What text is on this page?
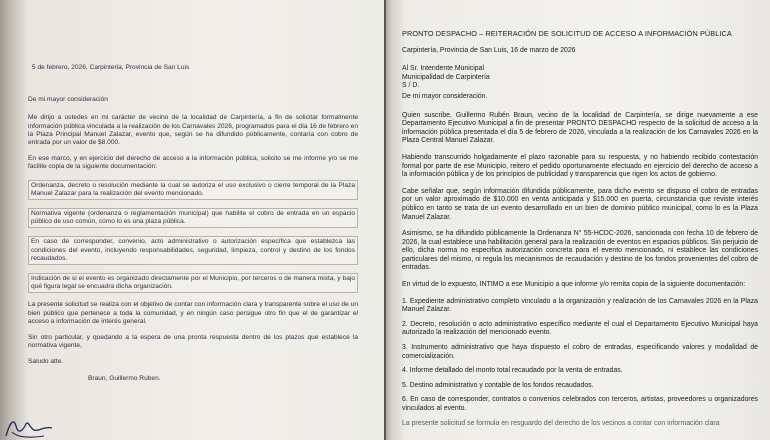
5 de febrero, 2026, Carpinteria, Provincia de San Luis
De mi mayor consideración

Me dirijo a ustedes en mi carácter de vecino de la localidad de Carpintería, a fin de solicitar formalmente información pública vinculada a la realización de los Carnavales 2026, programados para el día 16 de febrero en la Plaza Principal Manuel Zalazar, evento que, según se ha difundido públicamente, contaría con cobro de entrada por un valor de $8.000.

En ese marco, y en ejercicio del derecho de acceso a la información pública, solicito se me informe y/o se me facilite copia de la siguiente documentación:

Ordenanza, decreto o resolución mediante la cual se autoriza el uso exclusivo o cierre temporal de la Plaza Manuel Zalazar para la realización del evento mencionado.

Normativa vigente (ordenanza o reglamentación municipal) que habilite el cobro de entrada en un espacio público de uso común, como lo es una plaza pública.

En caso de corresponder, convenio, acto administrativo o autorización específica que establezca las condiciones del evento, incluyendo responsabilidades, seguridad, limpieza, control y destino de los fondos recaudados.

Indicación de si el evento es organizado directamente por el Municipio, por terceros o de manera mixta, y bajo qué figura legal se encuadra dicha organización.

La presente solicitud se realiza con el objetivo de contar con información clara y transparente sobre el uso de un bien público que pertenece a toda la comunidad, y en ningún caso persigue otro fin que el de garantizar el acceso a información de interés general.

Sin otro particular, y quedando a la espera de una pronta respuesta dentro de los plazos que establece la normativa vigente,

Saludo atte.
Braun, Guillermo Ruben.
PRONTO DESPACHO – REITERACIÓN DE SOLICITUD DE ACCESO A INFORMACIÓN PÚBLICA
Carpintería, Provincia de San Luis, 16 de marzo de 2026
Al Sr. Intendente Municipal
Municipalidad de Carpintería
S / D.
De mi mayor consideración.

Quien suscribe, Guillermo Rubén Braun, vecino de la localidad de Carpintería, se dirige nuevamente a ese Departamento Ejecutivo Municipal a fin de presentar PRONTO DESPACHO respecto de la solicitud de acceso a la información pública presentada el día 5 de febrero de 2026, vinculada a la realización de los Carnavales 2026 en la Plaza Central Manuel Zalazar.

Habiendo transcurrido holgadamente el plazo razonable para su respuesta, y no habiendo recibido contestación formal por parte de ese Municipio, reitero el pedido oportunamente efectuado en ejercicio del derecho de acceso a la información pública y de los principios de publicidad y transparencia que rigen los actos de gobierno.

Cabe señalar que, según información difundida públicamente, para dicho evento se dispuso el cobro de entradas por un valor aproximado de $10.000 en venta anticipada y $15.000 en puerta, circunstancia que reviste interés público en tanto se trata de un evento desarrollado en un bien de dominio público municipal, como lo es la Plaza Manuel Zalazar.

Asimismo, se ha difundido públicamente la Ordenanza N° 55-HCDC-2026, sancionada con fecha 10 de febrero de 2026, la cual establece una habilitación general para la realización de eventos en espacios públicos. Sin perjuicio de ello, dicha norma no especifica autorización concreta para el evento mencionado, ni establece las condiciones particulares del mismo, ni regula los mecanismos de recaudación y destino de los fondos provenientes del cobro de entradas.

En virtud de lo expuesto, INTIMO a ese Municipio a que informe y/o remita copia de la siguiente documentación:

1. Expediente administrativo completo vinculado a la organización y realización de los Carnavales 2026 en la Plaza Manuel Zalazar.

2. Decreto, resolución o acto administrativo específico mediante el cual el Departamento Ejecutivo Municipal haya autorizado la realización del mencionado evento.

3. Instrumento administrativo que haya dispuesto el cobro de entradas, especificando valores y modalidad de comercialización.

4. Informe detallado del monto total recaudado por la venta de entradas.

5. Destino administrativo y contable de los fondos recaudados.

6. En caso de corresponder, contratos o convenios celebrados con terceros, artistas, proveedores u organizadores vinculados al evento.

La presente solicitud se formula en resguardo del derecho de los vecinos a contar con información clara
